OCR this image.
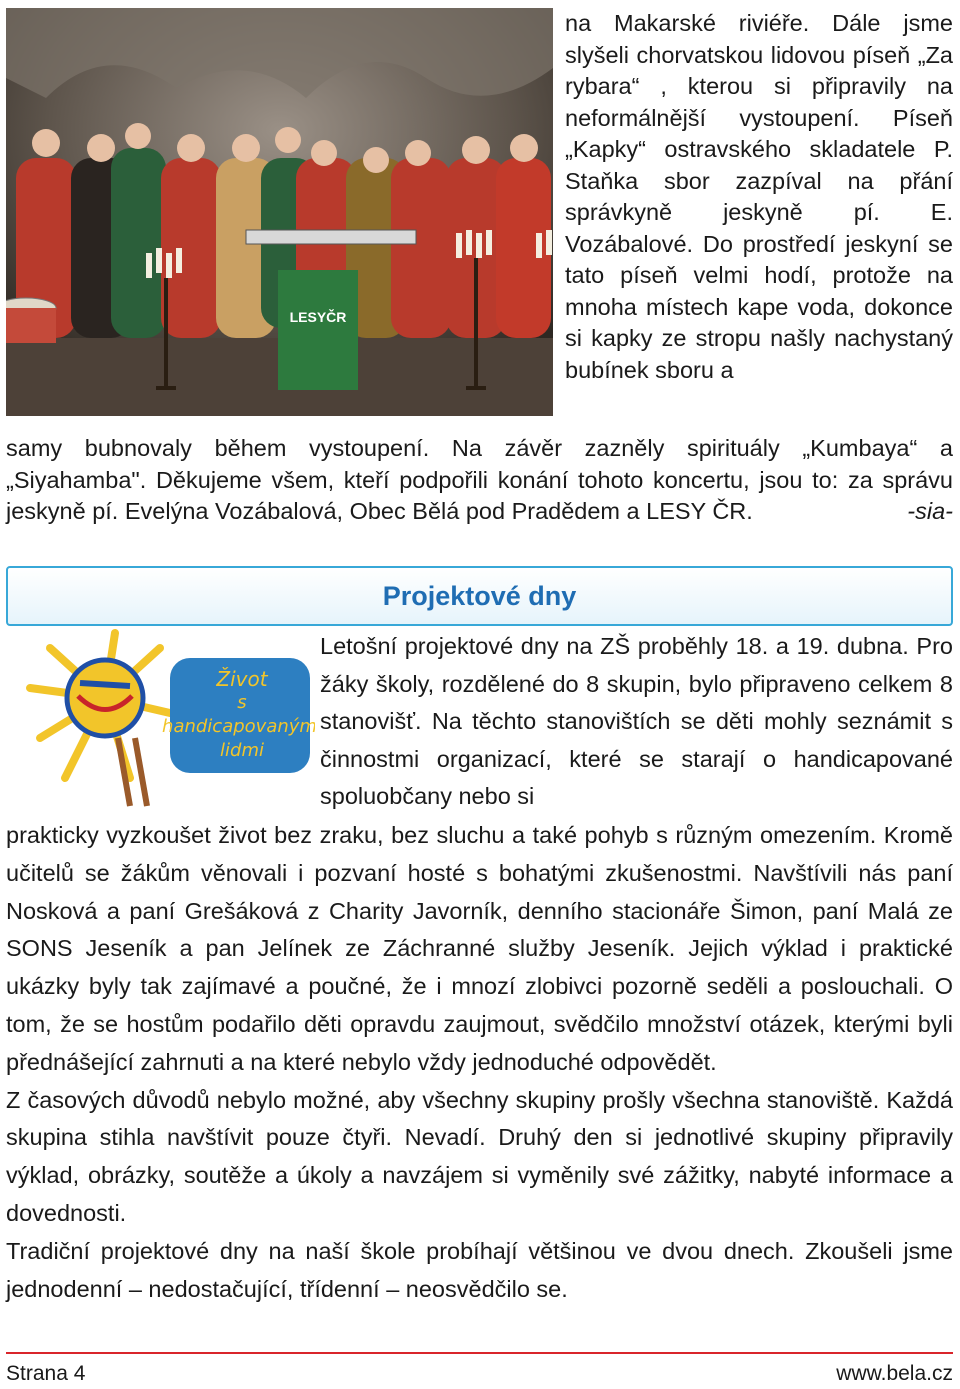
LESYČR
na Makarské riviéře. Dále jsme slyšeli chorvatskou lidovou píseň „Za rybara“ , kterou si připravily na neformálnější vystoupení. Píseň „Kapky“ ostravského skladatele P. Staňka sbor zazpíval na přání správkyně jeskyně pí. E. Vozábalové. Do prostředí jeskyní se tato píseň velmi hodí, protože na mnoha místech kape voda, dokonce si kapky ze stropu našly nachystaný bubínek sboru a
samy bubnovaly během vystoupení. Na závěr zazněly spirituály „Kumbaya“ a „Siyahamba". Děkujeme všem, kteří podpořili konání tohoto koncertu, jsou to: za správu jeskyně pí. Evelýna Vozábalová, Obec Bělá pod Pradědem a LESY ČR.	-sia-
Projektové dny
Život
s
handicapovanými
lidmi
Letošní projektové dny na ZŠ proběhly 18. a 19. dubna. Pro žáky školy, rozdělené do 8 skupin, bylo připraveno celkem 8 stanovišť. Na těchto stanovištích se děti mohly seznámit s činnostmi organizací, které se starají o handicapované spoluobčany nebo si
prakticky vyzkoušet život bez zraku, bez sluchu a také pohyb s různým omezením. Kromě učitelů se žákům věnovali i pozvaní hosté s bohatými zkušenostmi. Navštívili nás paní Nosková a paní Grešáková z Charity Javorník, denního stacionáře Šimon, paní Malá ze SONS Jeseník a pan Jelínek ze Záchranné služby Jeseník. Jejich výklad i praktické ukázky byly tak zajímavé a poučné, že i mnozí zlobivci pozorně seděli a poslouchali. O tom, že se hostům podařilo děti opravdu zaujmout, svědčilo množství otázek, kterými byli přednášející zahrnuti a na které nebylo vždy jednoduché odpovědět.
Z časových důvodů nebylo možné, aby všechny skupiny prošly všechna stanoviště. Každá skupina stihla navštívit pouze čtyři. Nevadí. Druhý den si jednotlivé skupiny připravily výklad, obrázky, soutěže a úkoly a navzájem si vyměnily své zážitky, nabyté informace a dovednosti.
Tradiční projektové dny na naší škole probíhají většinou ve dvou dnech. Zkoušeli jsme jednodenní – nedostačující, třídenní – neosvědčilo se.
Strana 4	www.bela.cz
